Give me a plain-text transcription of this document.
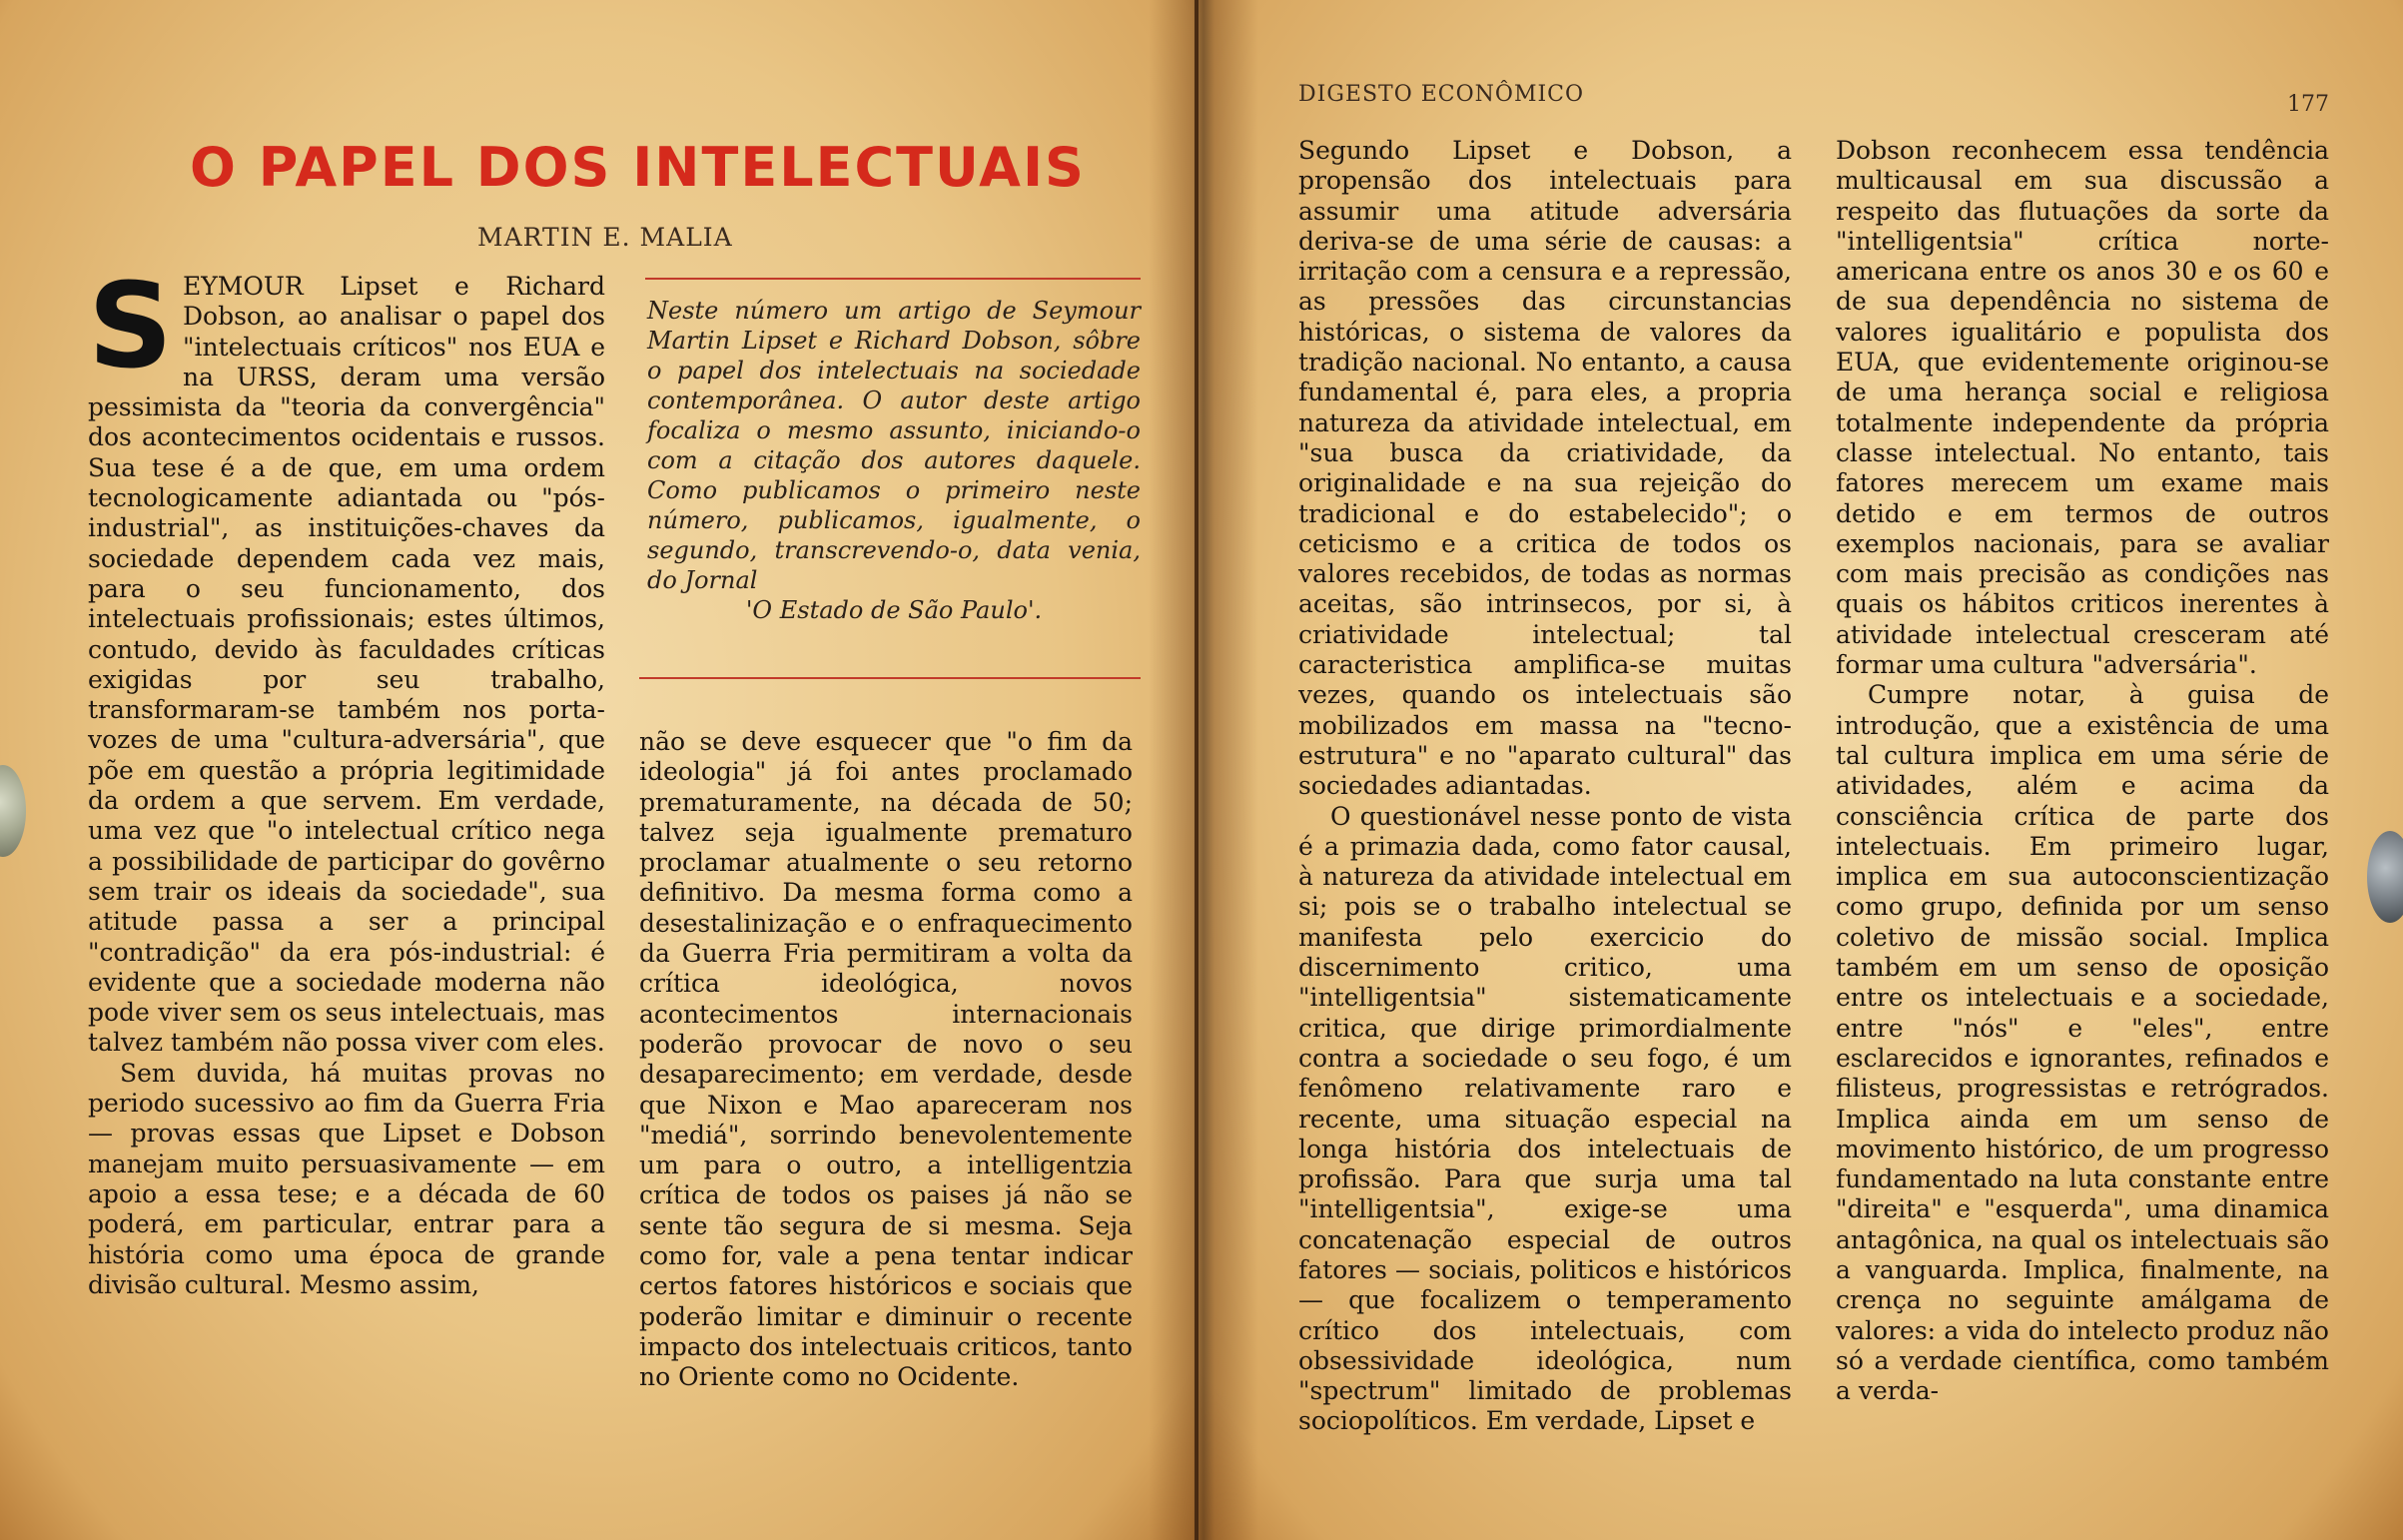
O PAPEL DOS INTELECTUAIS
MARTIN E. MALIA
Neste número um artigo de Seymour Martin Lipset e Richard Dobson, sôbre o papel dos intelectuais na sociedade contemporânea. O autor deste artigo focaliza o mesmo assunto, iniciando-o com a citação dos autores daquele. Como publicamos o primeiro neste número, publicamos, igualmente, o segundo, transcrevendo-o, data venia, do Jornal
'O Estado de São Paulo'.

SEYMOUR Lipset e Richard Dobson, ao analisar o papel dos "intelectuais críticos" nos EUA e na URSS, deram uma versão pessimista da "teoria da convergência" dos acontecimentos ocidentais e russos. Sua tese é a de que, em uma ordem tecnologicamente adiantada ou "pós-industrial", as instituições-chaves da sociedade dependem cada vez mais, para o seu funcionamento, dos intelectuais profissionais; estes últimos, contudo, devido às faculdades críticas exigidas por seu trabalho, transformaram-se também nos porta-vozes de uma "cultura-adversária", que põe em questão a própria legitimidade da ordem a que servem. Em verdade, uma vez que "o intelectual crítico nega a possibilidade de participar do govêrno sem trair os ideais da sociedade", sua atitude passa a ser a principal "contradição" da era pós-industrial: é evidente que a sociedade moderna não pode viver sem os seus intelectuais, mas talvez também não possa viver com eles.

Sem duvida, há muitas provas no periodo sucessivo ao fim da Guerra Fria — provas essas que Lipset e Dobson manejam muito persuasivamente — em apoio a essa tese; e a década de 60 poderá, em particular, entrar para a história como uma época de grande divisão cultural. Mesmo assim,

não se deve esquecer que "o fim da ideologia" já foi antes proclamado prematuramente, na década de 50; talvez seja igualmente prematuro proclamar atualmente o seu retorno definitivo. Da mesma forma como a desestalinização e o enfraquecimento da Guerra Fria permitiram a volta da crítica ideológica, novos acontecimentos internacionais poderão provocar de novo o seu desaparecimento; em verdade, desde que Nixon e Mao apareceram nos "mediá", sorrindo benevolentemente um para o outro, a intelligentzia crítica de todos os paises já não se sente tão segura de si mesma. Seja como for, vale a pena tentar indicar certos fatores históricos e sociais que poderão limitar e diminuir o recente impacto dos intelectuais criticos, tanto no Oriente como no Ocidente.

DIGESTO ECONÔMICO	177

Segundo Lipset e Dobson, a propensão dos intelectuais para assumir uma atitude adversária deriva-se de uma série de causas: a irritação com a censura e a repressão, as pressões das circunstancias históricas, o sistema de valores da tradição nacional. No entanto, a causa fundamental é, para eles, a propria natureza da atividade intelectual, em "sua busca da criatividade, da originalidade e na sua rejeição do tradicional e do estabelecido"; o ceticismo e a critica de todos os valores recebidos, de todas as normas aceitas, são intrinsecos, por si, à criatividade intelectual; tal caracteristica amplifica-se muitas vezes, quando os intelectuais são mobilizados em massa na "tecno-estrutura" e no "aparato cultural" das sociedades adiantadas.

O questionável nesse ponto de vista é a primazia dada, como fator causal, à natureza da atividade intelectual em si; pois se o trabalho intelectual se manifesta pelo exercicio do discernimento critico, uma "intelligentsia" sistematicamente critica, que dirige primordialmente contra a sociedade o seu fogo, é um fenômeno relativamente raro e recente, uma situação especial na longa história dos intelectuais de profissão. Para que surja uma tal "intelligentsia", exige-se uma concatenação especial de outros fatores — sociais, politicos e históricos — que focalizem o temperamento crítico dos intelectuais, com obsessividade ideológica, num "spectrum" limitado de problemas sociopolíticos. Em verdade, Lipset e

Dobson reconhecem essa tendência multicausal em sua discussão a respeito das flutuações da sorte da "intelligentsia" crítica norte-americana entre os anos 30 e os 60 e de sua dependência no sistema de valores igualitário e populista dos EUA, que evidentemente originou-se de uma herança social e religiosa totalmente independente da própria classe intelectual. No entanto, tais fatores merecem um exame mais detido e em termos de outros exemplos nacionais, para se avaliar com mais precisão as condições nas quais os hábitos criticos inerentes à atividade intelectual cresceram até formar uma cultura "adversária".

Cumpre notar, à guisa de introdução, que a existência de uma tal cultura implica em uma série de atividades, além e acima da consciência crítica de parte dos intelectuais. Em primeiro lugar, implica em sua autoconscientização como grupo, definida por um senso coletivo de missão social. Implica também em um senso de oposição entre os intelectuais e a sociedade, entre "nós" e "eles", entre esclarecidos e ignorantes, refinados e filisteus, progressistas e retrógrados. Implica ainda em um senso de movimento histórico, de um progresso fundamentado na luta constante entre "direita" e "esquerda", uma dinamica antagônica, na qual os intelectuais são a vanguarda. Implica, finalmente, na crença no seguinte amálgama de valores: a vida do intelecto produz não só a verdade científica, como também a verda-
